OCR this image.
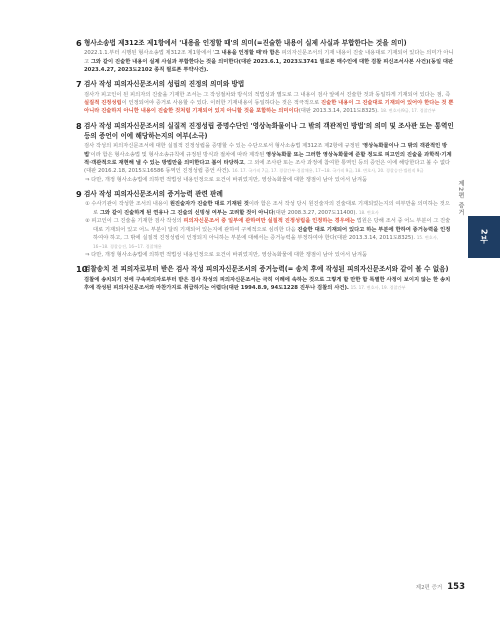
6 형사소송법 제312조 제1항에서 '내용을 인정할 때'의 의미(=진술한 내용이 실제 사실과 부합한다는 것을 의미)
2022.1.1.부터 시행된 형사소송법 제312조 제1항에서 '그 내용을 인정할 때'라 함은 피의자신문조서의 기재 내용이 진술 내용대로 기재되어 있다는 의미가 아니고 그와 같이 진술한 내용이 실제 사실과 부합한다는 것을 의미한다(대판 2023.6.1, 2023도3741 필로폰 매수인에 대한 검찰 피신조서사본 사건)(동일 대판 2023.4.27, 2023도2102 종직 필로폰 투약사건).
7 검사 작성 피의자신문조서의 성립의 진정의 의미와 방법
검사가 피고인이 된 피의자의 진술을 기재한 조서는 그 작성절차와 방식의 적법성과 별도로 그 내용이 검사 앞에서 진술한 것과 동일하게 기재되어 있다는 점, 즉 실질적 진정성립이 인정되어야 증거로 사용할 수 있다. 이러한 기재내용이 동일하다는 것은 적극적으로 진술한 내용이 그 진술대로 기재되어 있어야 한다는 것 뿐 아니라 진술하지 아니한 내용이 진술한 것처럼 기재되어 있지 아니할 것을 포함하는 의미이다(대판 2013.3.14, 2011도8325). 18. 변호사/9급, 17. 경찰간부
8 검사 작성 피의자신문조서의 실질적 진정성립 증명수단인 '영상녹화물이나 그 밖의 객관적인 방법'의 의미 및 조사관 또는 통역인 등의 증언이 이에 해당하는지의 여부(소극)
검사 작성의 피의자신문조서에 대한 실질적 진정성립을 증명할 수 있는 수단으로서 형사소송법 제312조 제2항에 규정된 '영상녹화물이나 그 밖의 객관적인 방법'이라 함은 형사소송법 및 형사소송규칙에 규정된 방식과 절차에 따라 제작된 영상녹화물 또는 그러한 영상녹화물에 준할 정도로 피고인의 진술을 과학적·기계적·객관적으로 재현해 낼 수 있는 방법만을 의미한다고 봄이 타당하고, 그 외에 조사관 또는 조사 과정에 참여한 통역인 등의 증언은 이에 해당한다고 볼 수 없다(대판 2016.2.18, 2015도16586 동역인 진정성립 증언 사건). 16. 17. 국가직 7급, 17. 경찰간부·경찰채용, 17~18. 국가직 9급, 18. 변호사, 20. 경찰승진·법원직 9급
⇒ 다만, 개정 형사소송법에 의하면 적법성 내용인정으로 요건이 바뀌었지만, 영상녹화물에 대한 쟁점이 남아 있어서 남겨둠
9 검사 작성 피의자신문조서의 증거능력 관련 판례
① 수사기관이 작성한 조서의 내용이 원진술자가 진술한 대로 기재된 것이라 함은 조서 작성 당시 원진술자의 진술대로 기재되었는지의 여부만을 의미하는 것으로 그와 같이 진술하게 된 연유나 그 진술의 신빙성 여부는 고려할 것이 아니다(대판 2008.3.27, 2007도11400). 18. 변호사
② 피고인이 그 진술을 기재한 검사 작성의 피의자신문조서 중 일부에 관하여만 실질적 진정성립을 인정하는 경우에는 법원은 당해 조서 중 어느 부분이 그 진술대로 기재되어 있고 어느 부분이 달리 기재되어 있는지에 관하여 구체적으로 심리한 다음 진술한 대로 기재되어 있다고 하는 부분에 한하여 증거능력을 인정하여야 하고, 그 밖에 실질적 진정성립이 인정되지 아니하는 부분에 대해서는 증거능력을 부정하여야 한다(대판 2013.3.14, 2011도8325). 15. 변호사, 16~18. 경찰승진, 16~17. 경찰채용
⇒ 다만, 개정 형사소송법에 의하면 적법성 내용인정으로 요건이 바뀌었지만, 영상녹화물에 대한 쟁점이 남아 있어서 남겨둠
10
검찰송치 전 피의자로부터 받은 검사 작성 피의자신문조서의 증거능력(= 송치 후에 작성된 피의자신문조서와 같이 볼 수 없음)
검찰에 송치되기 전에 구속피의자로부터 받은 검사 작성의 피의자신문조서는 극히 이례에 속하는 것으로 그렇게 할 만한 합 특별한 사정이 보이지 않는 한 송치 후에 작성된 피의자신문조서와 마찬가지로 취급하기는 어렵다(대판 1994.8.9, 94도1228 진두나 검찰의 사건). 15. 17. 변호사, 19. 경찰간부
제2편 증거
2부
제2편 증거 153
